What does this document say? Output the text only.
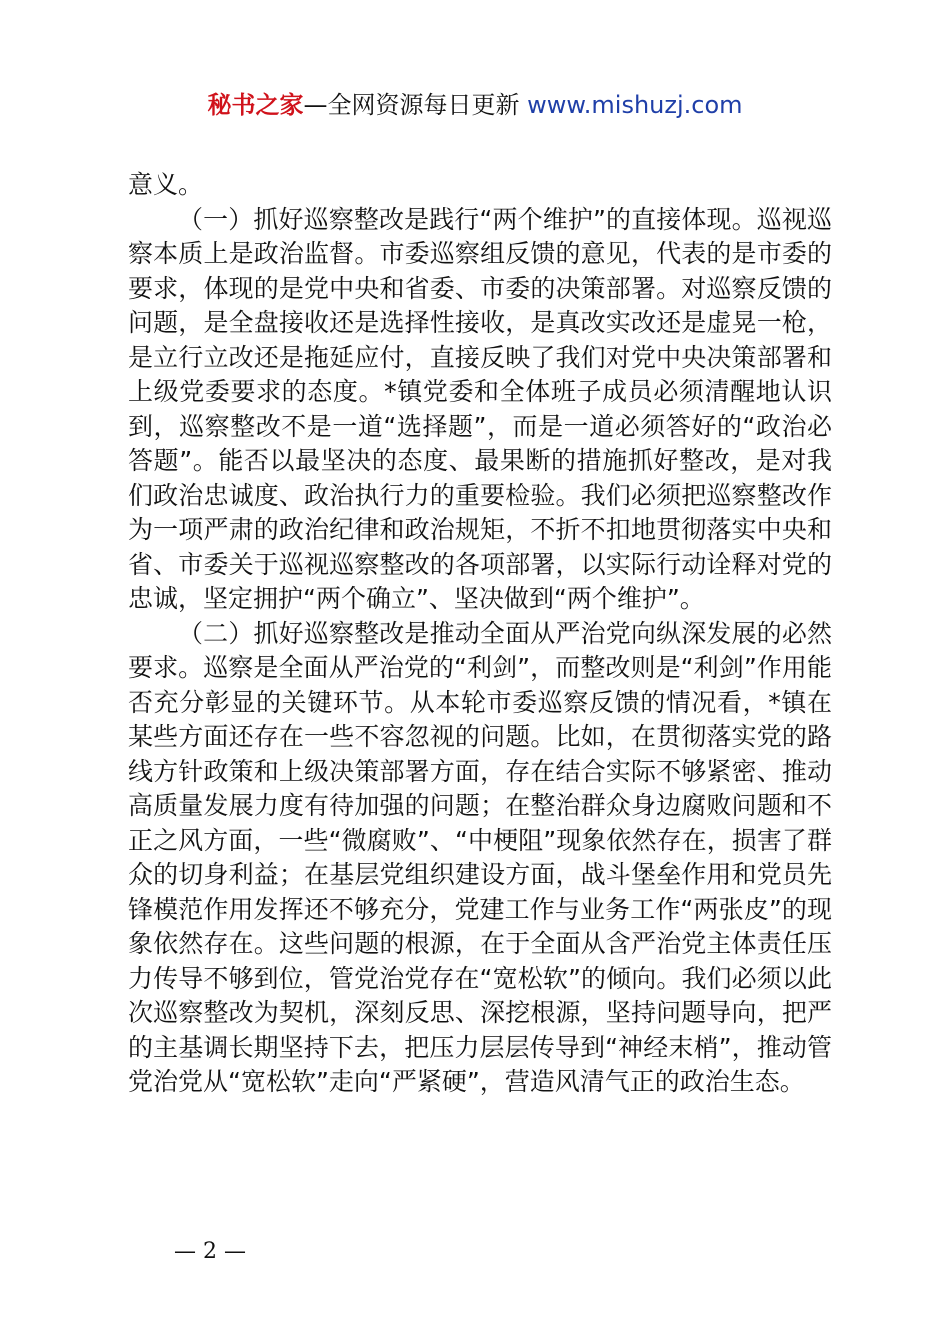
秘书之家—全网资源每日更新 www.mishuzj.com

意义。

（一）抓好巡察整改是践行“两个维护”的直接体现。巡视巡察本质上是政治监督。市委巡察组反馈的意见，代表的是市委的要求，体现的是党中央和省委、市委的决策部署。对巡察反馈的问题，是全盘接收还是选择性接收，是真改实改还是虚晃一枪，是立行立改还是拖延应付，直接反映了我们对党中央决策部署和上级党委要求的态度。*镇党委和全体班子成员必须清醒地认识到，巡察整改不是一道“选择题”，而是一道必须答好的“政治必答题”。能否以最坚决的态度、最果断的措施抓好整改，是对我们政治忠诚度、政治执行力的重要检验。我们必须把巡察整改作为一项严肃的政治纪律和政治规矩，不折不扣地贯彻落实中央和省、市委关于巡视巡察整改的各项部署，以实际行动诠释对党的忠诚，坚定拥护“两个确立”、坚决做到“两个维护”。

（二）抓好巡察整改是推动全面从严治党向纵深发展的必然要求。巡察是全面从严治党的“利剑”，而整改则是“利剑”作用能否充分彰显的关键环节。从本轮市委巡察反馈的情况看，*镇在某些方面还存在一些不容忽视的问题。比如，在贯彻落实党的路线方针政策和上级决策部署方面，存在结合实际不够紧密、推动高质量发展力度有待加强的问题；在整治群众身边腐败问题和不正之风方面，一些“微腐败”、“中梗阻”现象依然存在，损害了群众的切身利益；在基层党组织建设方面，战斗堡垒作用和党员先锋模范作用发挥还不够充分，党建工作与业务工作“两张皮”的现象依然存在。这些问题的根源，在于全面从含严治党主体责任压力传导不够到位，管党治党存在“宽松软”的倾向。我们必须以此次巡察整改为契机，深刻反思、深挖根源，坚持问题导向，把严的主基调长期坚持下去，把压力层层传导到“神经末梢”，推动管党治党从“宽松软”走向“严紧硬”，营造风清气正的政治生态。

— 2 —
